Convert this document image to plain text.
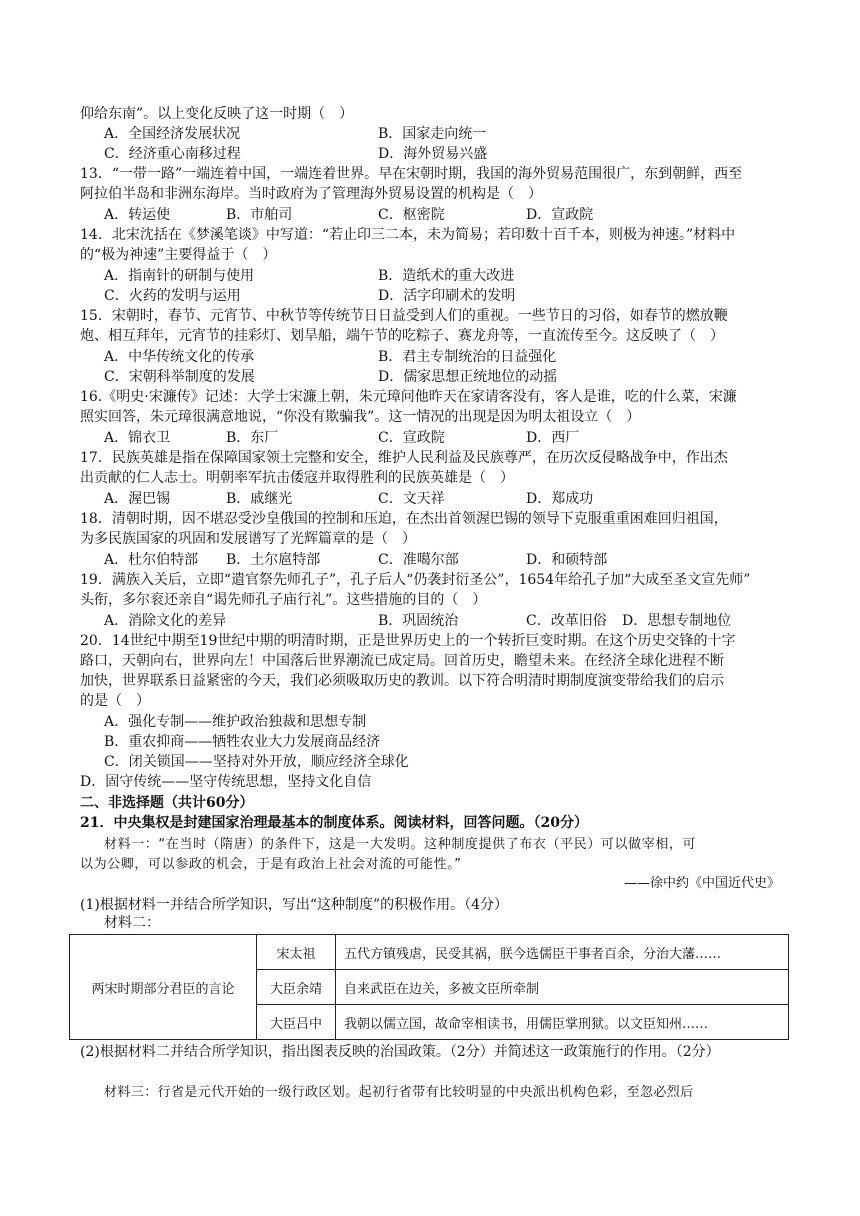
仰给东南”。以上变化反映了这一时期（　）
A．全国经济发展状况	B．国家走向统一
C．经济重心南移过程	D．海外贸易兴盛
13．“一带一路”一端连着中国，一端连着世界。早在宋朝时期，我国的海外贸易范围很广，东到朝鲜，西至
阿拉伯半岛和非洲东海岸。当时政府为了管理海外贸易设置的机构是（　）
A．转运使	B．市舶司	C．枢密院	D．宣政院
14．北宋沈括在《梦溪笔谈》中写道：“若止印三二本，未为简易；若印数十百千本，则极为神速。”材料中
的“极为神速”主要得益于（　）
A．指南针的研制与使用	B．造纸术的重大改进
C．火药的发明与运用	D．活字印刷术的发明
15．宋朝时，春节、元宵节、中秋节等传统节日日益受到人们的重视。一些节日的习俗，如春节的燃放鞭
炮、相互拜年，元宵节的挂彩灯、划旱船，端午节的吃粽子、赛龙舟等，一直流传至今。这反映了（　）
A．中华传统文化的传承	B．君主专制统治的日益强化
C．宋朝科举制度的发展	D．儒家思想正统地位的动摇
16.《明史·宋濂传》记述：大学士宋濂上朝，朱元璋问他昨天在家请客没有，客人是谁，吃的什么菜，宋濂
照实回答，朱元璋很满意地说，“你没有欺骗我”。这一情况的出现是因为明太祖设立（　）
A．锦衣卫	B．东厂	C．宣政院	D．西厂
17．民族英雄是指在保障国家领土完整和安全，维护人民利益及民族尊严，在历次反侵略战争中，作出杰
出贡献的仁人志士。明朝率军抗击倭寇并取得胜利的民族英雄是（　）
A．渥巴锡	B．戚继光	C．文天祥	D．郑成功
18．清朝时期，因不堪忍受沙皇俄国的控制和压迫，在杰出首领渥巴锡的领导下克服重重困难回归祖国，
为多民族国家的巩固和发展谱写了光辉篇章的是（　）
A．杜尔伯特部 B．土尔扈特部	C．准噶尔部	D．和硕特部
19．满族入关后，立即“遣官祭先师孔子”，孔子后人“仍袭封衍圣公”，1654年给孔子加“大成至圣文宣先师”
头衔，多尔衮还亲自“谒先师孔子庙行礼”。这些措施的目的（　）
A．消除文化的差异	B．巩固统治	C．改革旧俗 D．思想专制地位
20．14世纪中期至19世纪中期的明清时期，正是世界历史上的一个转折巨变时期。在这个历史交锋的十字
路口，天朝向右，世界向左！中国落后世界潮流已成定局。回首历史，瞻望未来。在经济全球化进程不断
加快，世界联系日益紧密的今天，我们必须吸取历史的教训。以下符合明清时期制度演变带给我们的启示
的是（　）
A．强化专制——维护政治独裁和思想专制
B．重农抑商——牺牲农业大力发展商品经济
C．闭关锁国——坚持对外开放，顺应经济全球化
D．固守传统——坚守传统思想，坚持文化自信
二、非选择题（共计60分）
21．中央集权是封建国家治理最基本的制度体系。阅读材料，回答问题。（20分）
材料一：“在当时（隋唐）的条件下，这是一大发明。这种制度提供了布衣（平民）可以做宰相，可
以为公卿，可以参政的机会，于是有政治上社会对流的可能性。”
——徐中约《中国近代史》
(1)根据材料一并结合所学知识，写出“这种制度”的积极作用。（4分）
材料二：
两宋时期部分君臣的言论	宋太祖	五代方镇残虐，民受其祸，朕今选儒臣干事者百余，分治大藩……
	大臣余靖	自来武臣在边关，多被文臣所牵制
	大臣吕中	我朝以儒立国，故命宰相读书，用儒臣掌刑狱。以文臣知州……
(2)根据材料二并结合所学知识，指出图表反映的治国政策。（2分）并简述这一政策施行的作用。（2分）
材料三：行省是元代开始的一级行政区划。起初行省带有比较明显的中央派出机构色彩，至忽必烈后
